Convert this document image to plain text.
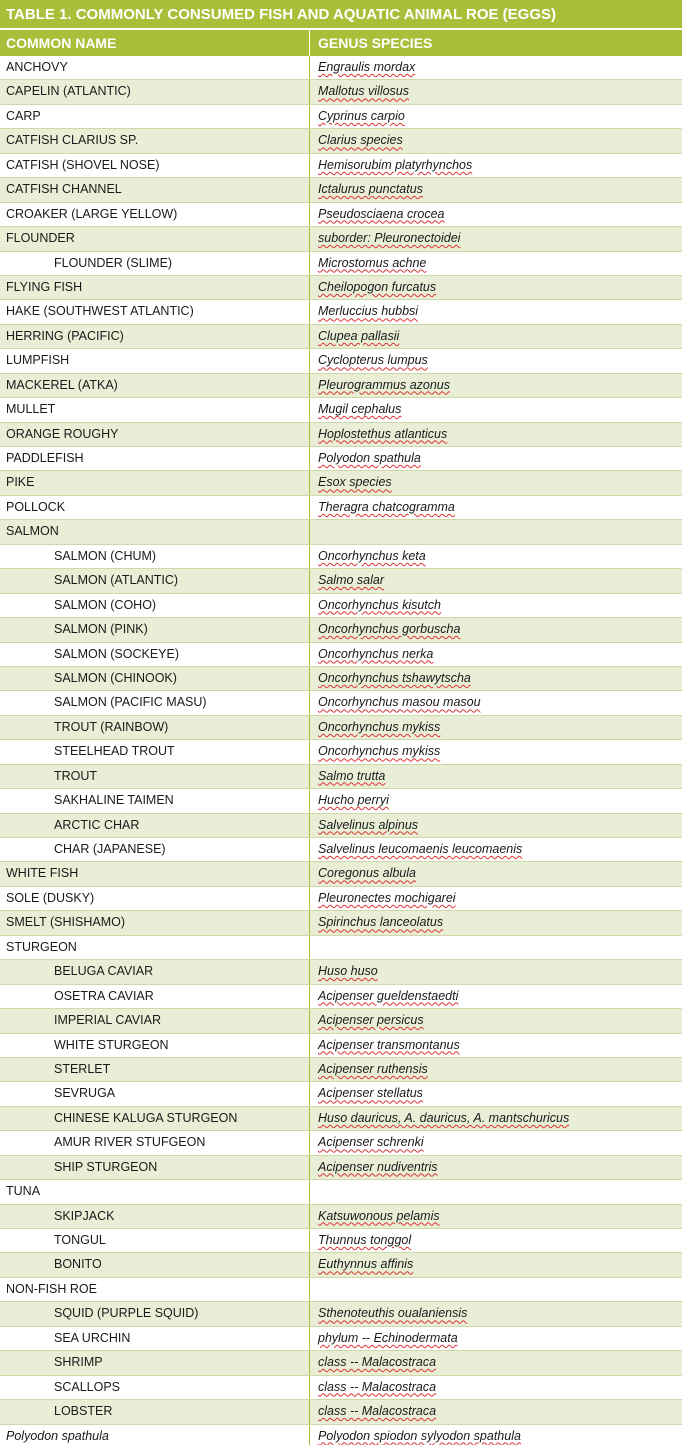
TABLE 1. COMMONLY CONSUMED FISH AND AQUATIC ANIMAL ROE (EGGS)
COMMON NAME	GENUS SPECIES
ANCHOVY	Engraulis mordax
CAPELIN (ATLANTIC)	Mallotus villosus
CARP	Cyprinus carpio
CATFISH CLARIUS SP.	Clarius species
CATFISH (SHOVEL NOSE)	Hemisorubim platyrhynchos
CATFISH CHANNEL	Ictalurus punctatus
CROAKER (LARGE YELLOW)	Pseudosciaena crocea
FLOUNDER	suborder: Pleuronectoidei
FLOUNDER (SLIME)	Microstomus achne
FLYING FISH	Cheilopogon furcatus
HAKE (SOUTHWEST ATLANTIC)	Merluccius hubbsi
HERRING (PACIFIC)	Clupea pallasii
LUMPFISH	Cyclopterus lumpus
MACKEREL (ATKA)	Pleurogrammus azonus
MULLET	Mugil cephalus
ORANGE ROUGHY	Hoplostethus atlanticus
PADDLEFISH	Polyodon spathula
PIKE	Esox species
POLLOCK	Theragra chatcogramma
SALMON
SALMON (CHUM)	Oncorhynchus keta
SALMON (ATLANTIC)	Salmo salar
SALMON (COHO)	Oncorhynchus kisutch
SALMON (PINK)	Oncorhynchus gorbuscha
SALMON (SOCKEYE)	Oncorhynchus nerka
SALMON (CHINOOK)	Oncorhynchus tshawytscha
SALMON (PACIFIC MASU)	Oncorhynchus masou masou
TROUT (RAINBOW)	Oncorhynchus mykiss
STEELHEAD TROUT	Oncorhynchus mykiss
TROUT	Salmo trutta
SAKHALINE TAIMEN	Hucho perryi
ARCTIC CHAR	Salvelinus alpinus
CHAR (JAPANESE)	Salvelinus leucomaenis leucomaenis
WHITE FISH	Coregonus albula
SOLE (DUSKY)	Pleuronectes mochigarei
SMELT (SHISHAMO)	Spirinchus lanceolatus
STURGEON
BELUGA CAVIAR	Huso huso
OSETRA CAVIAR	Acipenser gueldenstaedti
IMPERIAL CAVIAR	Acipenser persicus
WHITE STURGEON	Acipenser transmontanus
STERLET	Acipenser ruthensis
SEVRUGA	Acipenser stellatus
CHINESE KALUGA STURGEON	Huso dauricus, A. dauricus, A. mantschuricus
AMUR RIVER STUFGEON	Acipenser schrenki
SHIP STURGEON	Acipenser nudiventris
TUNA
SKIPJACK	Katsuwonous pelamis
TONGUL	Thunnus tonggol
BONITO	Euthynnus affinis
NON-FISH ROE
SQUID (PURPLE SQUID)	Sthenoteuthis oualaniensis
SEA URCHIN	phylum -- Echinodermata
SHRIMP	class -- Malacostraca
SCALLOPS	class -- Malacostraca
LOBSTER	class -- Malacostraca
Polyodon spathula	Polyodon spiodon sylyodon spathula
